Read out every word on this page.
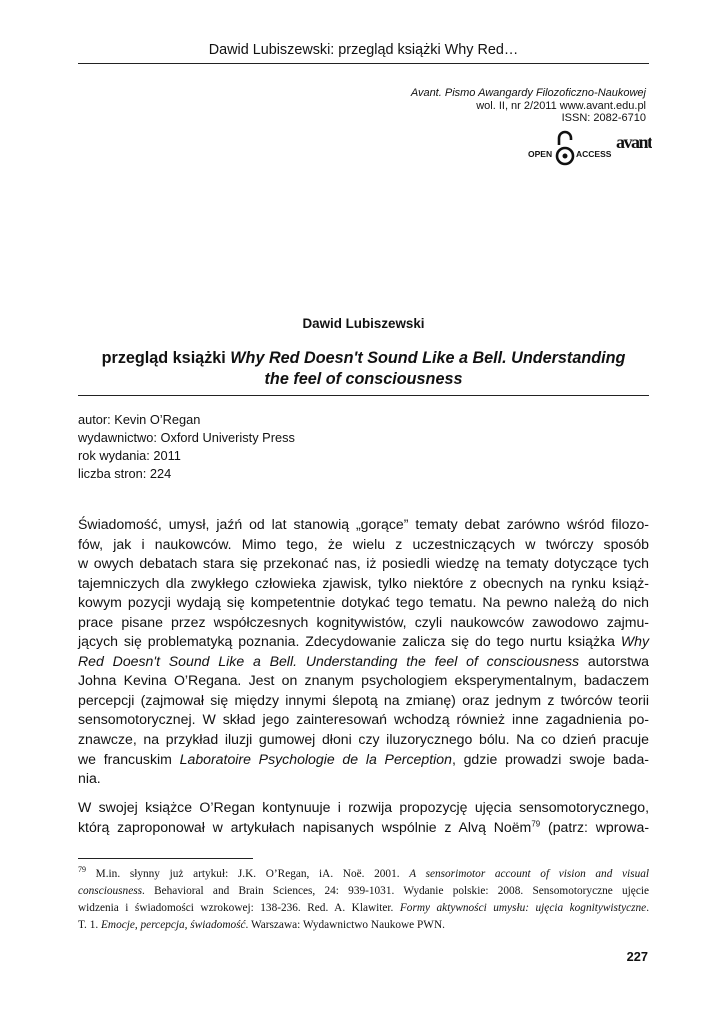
Dawid Lubiszewski: przegląd książki Why Red…
Avant. Pismo Awangardy Filozoficzno-Naukowej
wol. II, nr 2/2011 www.avant.edu.pl
ISSN: 2082-6710
OPEN	ACCESS
avant
Dawid Lubiszewski
przegląd książki Why Red Doesn't Sound Like a Bell. Understanding
the feel of consciousness
autor: Kevin O’Regan
wydawnictwo: Oxford Univeristy Press
rok wydania: 2011
liczba stron: 224
Świadomość, umysł, jaźń od lat stanowią „gorące” tematy debat zarówno wśród filozo-
fów, jak i naukowców. Mimo tego, że wielu z uczestniczących w twórczy sposób
w owych debatach stara się przekonać nas, iż posiedli wiedzę na tematy dotyczące tych
tajemniczych dla zwykłego człowieka zjawisk, tylko niektóre z obecnych na rynku książ-
kowym pozycji wydają się kompetentnie dotykać tego tematu. Na pewno należą do nich
prace pisane przez współczesnych kognitywistów, czyli naukowców zawodowo zajmu-
jących się problematyką poznania. Zdecydowanie zalicza się do tego nurtu książka Why
Red Doesn't Sound Like a Bell. Understanding the feel of consciousness autorstwa
Johna Kevina O’Regana. Jest on znanym psychologiem eksperymentalnym, badaczem
percepcji (zajmował się między innymi ślepotą na zmianę) oraz jednym z twórców teorii
sensomotorycznej. W skład jego zainteresowań wchodzą również inne zagadnienia po-
znawcze, na przykład iluzji gumowej dłoni czy iluzorycznego bólu. Na co dzień pracuje
we francuskim Laboratoire Psychologie de la Perception, gdzie prowadzi swoje bada-
nia.
W swojej książce O’Regan kontynuuje i rozwija propozycję ujęcia sensomotorycznego,
którą zaproponował w artykułach napisanych wspólnie z Alvą Noëm$^{79}$ (patrz: wprowa-
$^{79}$ M.in. słynny już artykuł: J.K. O’Regan, iA. Noë. 2001. A sensorimotor account of vision and visual
consciousness. Behavioral and Brain Sciences, 24: 939-1031. Wydanie polskie: 2008. Sensomotoryczne ujęcie
widzenia i świadomości wzrokowej: 138-236. Red. A. Klawiter. Formy aktywności umysłu: ujęcia kognitywistyczne.
T. 1. Emocje, percepcja, świadomość. Warszawa: Wydawnictwo Naukowe PWN.
227
